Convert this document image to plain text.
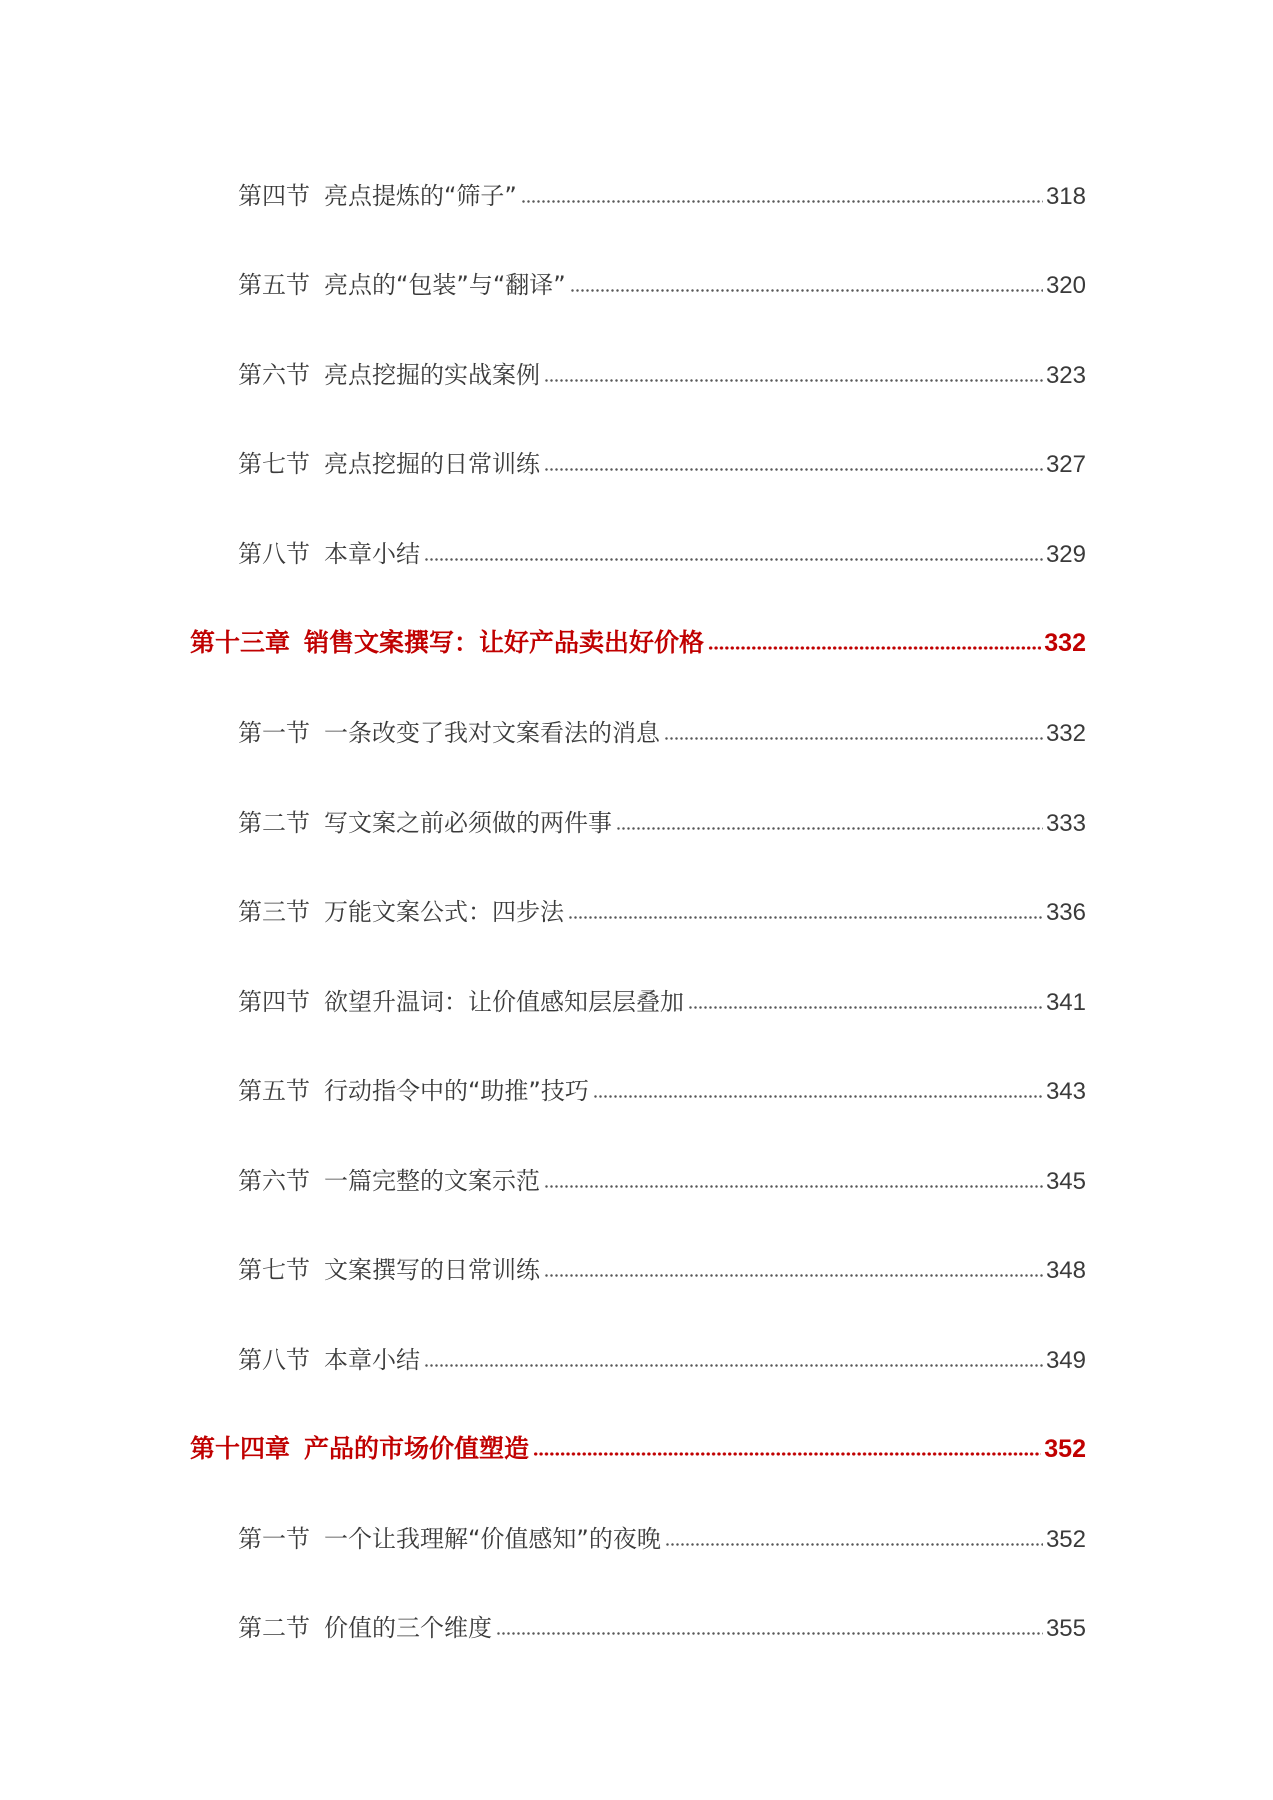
第四节 亮点提炼的“筛子”	318
第五节 亮点的“包装”与“翻译”	320
第六节 亮点挖掘的实战案例	323
第七节 亮点挖掘的日常训练	327
第八节 本章小结	329
第十三章 销售文案撰写：让好产品卖出好价格	332
第一节 一条改变了我对文案看法的消息	332
第二节 写文案之前必须做的两件事	333
第三节 万能文案公式：四步法	336
第四节 欲望升温词：让价值感知层层叠加	341
第五节 行动指令中的“助推”技巧	343
第六节 一篇完整的文案示范	345
第七节 文案撰写的日常训练	348
第八节 本章小结	349
第十四章 产品的市场价值塑造	352
第一节 一个让我理解“价值感知”的夜晚	352
第二节 价值的三个维度	355
